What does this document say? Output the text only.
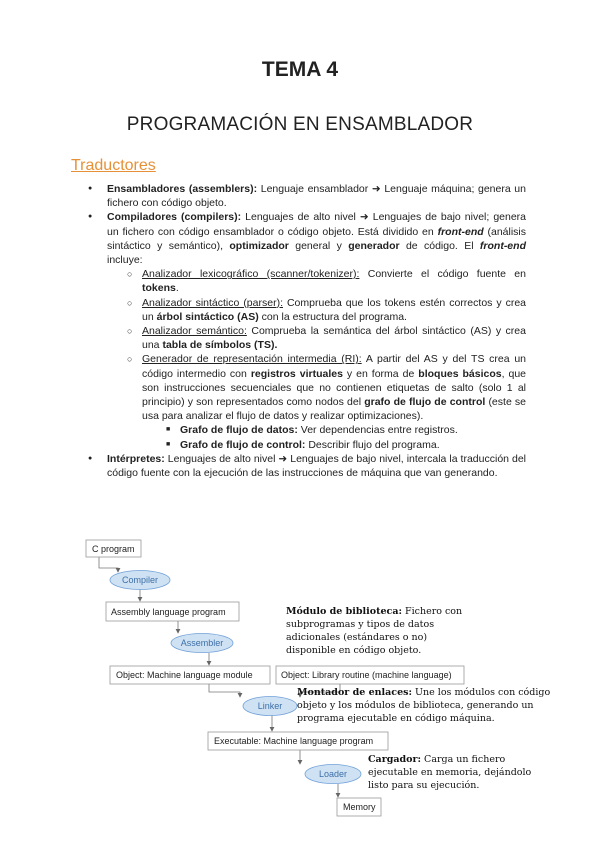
TEMA 4
PROGRAMACIÓN EN ENSAMBLADOR
Traductores
● Ensambladores (assemblers): Lenguaje ensamblador ➜ Lenguaje máquina; genera un fichero con código objeto.
● Compiladores (compilers): Lenguajes de alto nivel ➜ Lenguajes de bajo nivel; genera un fichero con código ensamblador o código objeto. Está dividido en front-end (análisis sintáctico y semántico), optimizador general y generador de código. El front-end incluye:
○ Analizador lexicográfico (scanner/tokenizer): Convierte el código fuente en tokens.
○ Analizador sintáctico (parser): Comprueba que los tokens estén correctos y crea un árbol sintáctico (AS) con la estructura del programa.
○ Analizador semántico: Comprueba la semántica del árbol sintáctico (AS) y crea una tabla de símbolos (TS).
○ Generador de representación intermedia (RI): A partir del AS y del TS crea un código intermedio con registros virtuales y en forma de bloques básicos, que son instrucciones secuenciales que no contienen etiquetas de salto (solo 1 al principio) y son representados como nodos del grafo de flujo de control (este se usa para analizar el flujo de datos y realizar optimizaciones).
■ Grafo de flujo de datos: Ver dependencias entre registros.
■ Grafo de flujo de control: Describir flujo del programa.
● Intérpretes: Lenguajes de alto nivel ➜ Lenguajes de bajo nivel, intercala la traducción del código fuente con la ejecución de las instrucciones de máquina que van generando.
C program
Assembly language program
Object: Machine language module	Object: Library routine (machine language)
Executable: Machine language program
Memory
Compiler
Assembler
Linker
Loader
Módulo de biblioteca: Fichero con
subprogramas y tipos de datos
adicionales (estándares o no)
disponible en código objeto.
Montador de enlaces: Une los módulos con código
objeto y los módulos de biblioteca, generando un
programa ejecutable en código máquina.
Cargador: Carga un fichero
ejecutable en memoria, dejándolo
listo para su ejecución.
